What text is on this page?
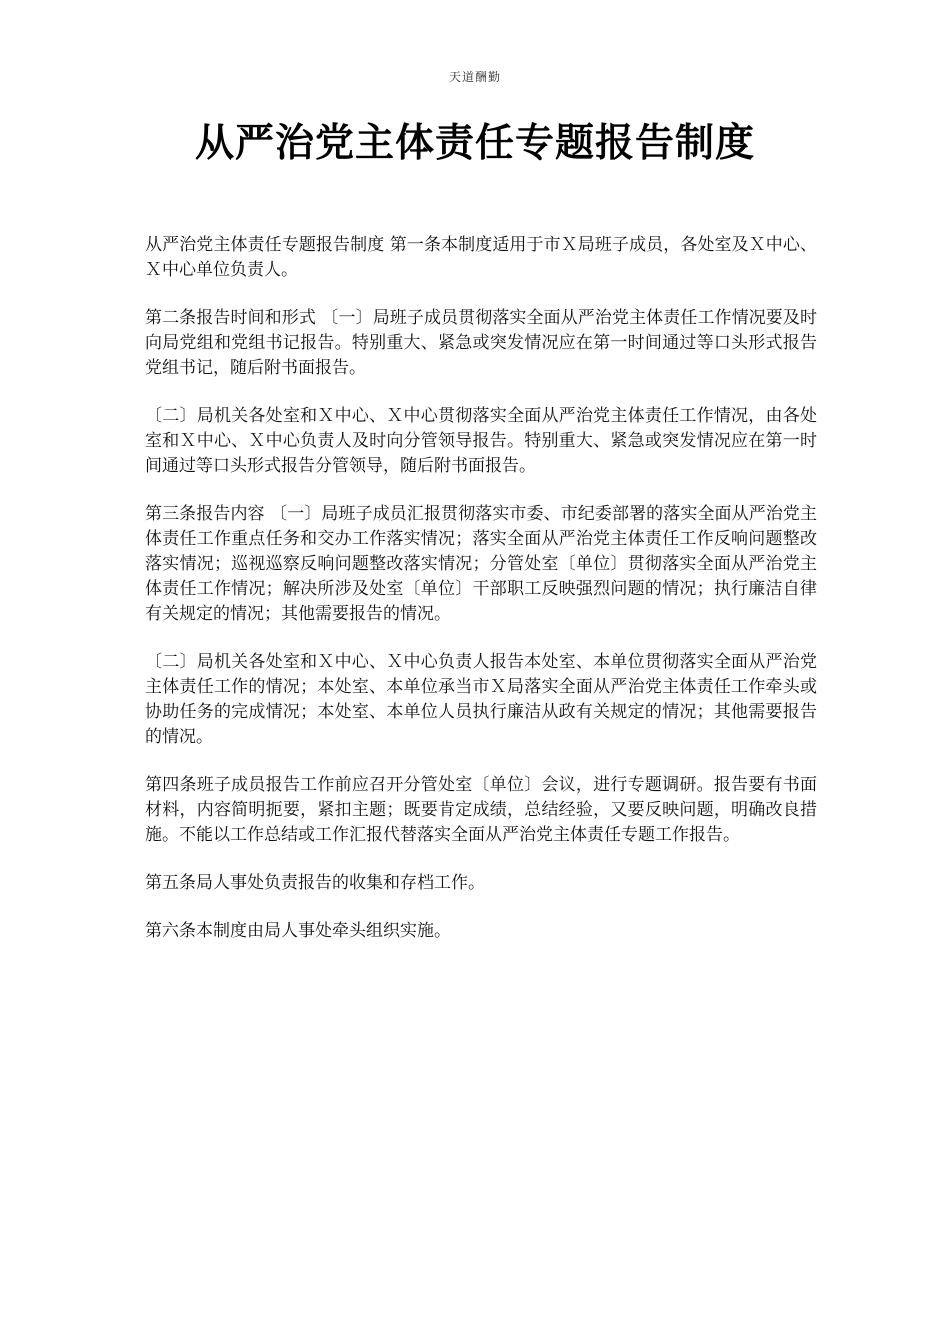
天道酬勤
从严治党主体责任专题报告制度

从严治党主体责任专题报告制度 第一条本制度适用于市Ｘ局班子成员，各处室及Ｘ中心、Ｘ中心单位负责人。

第二条报告时间和形式 〔一〕局班子成员贯彻落实全面从严治党主体责任工作情况要及时向局党组和党组书记报告。特别重大、紧急或突发情况应在第一时间通过等口头形式报告党组书记，随后附书面报告。

〔二〕局机关各处室和Ｘ中心、Ｘ中心贯彻落实全面从严治党主体责任工作情况，由各处室和Ｘ中心、Ｘ中心负责人及时向分管领导报告。特别重大、紧急或突发情况应在第一时间通过等口头形式报告分管领导，随后附书面报告。

第三条报告内容 〔一〕局班子成员汇报贯彻落实市委、市纪委部署的落实全面从严治党主体责任工作重点任务和交办工作落实情况；落实全面从严治党主体责任工作反响问题整改落实情况；巡视巡察反响问题整改落实情况；分管处室〔单位〕贯彻落实全面从严治党主体责任工作情况；解决所涉及处室〔单位〕干部职工反映强烈问题的情况；执行廉洁自律有关规定的情况；其他需要报告的情况。

〔二〕局机关各处室和Ｘ中心、Ｘ中心负责人报告本处室、本单位贯彻落实全面从严治党主体责任工作的情况；本处室、本单位承当市Ｘ局落实全面从严治党主体责任工作牵头或协助任务的完成情况；本处室、本单位人员执行廉洁从政有关规定的情况；其他需要报告的情况。

第四条班子成员报告工作前应召开分管处室〔单位〕会议，进行专题调研。报告要有书面材料，内容简明扼要，紧扣主题；既要肯定成绩，总结经验，又要反映问题，明确改良措施。不能以工作总结或工作汇报代替落实全面从严治党主体责任专题工作报告。

第五条局人事处负责报告的收集和存档工作。

第六条本制度由局人事处牵头组织实施。
